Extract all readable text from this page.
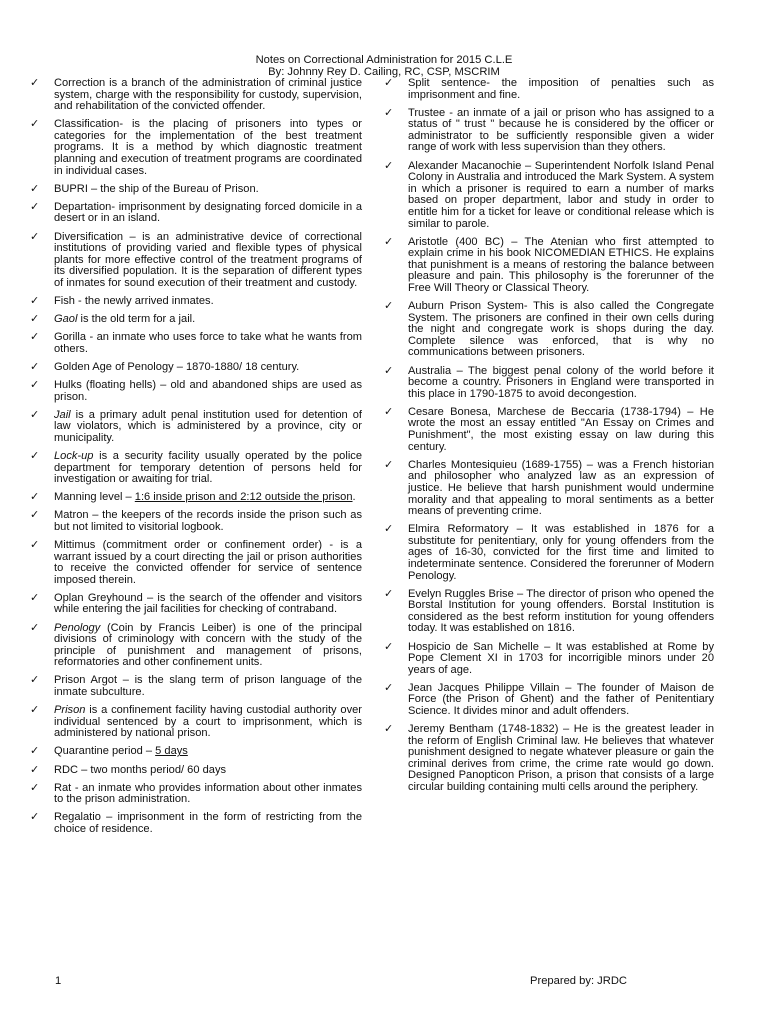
Notes on Correctional Administration for 2015 C.L.E
By: Johnny Rey D. Cailing, RC, CSP, MSCRIM
✓ Correction is a branch of the administration of criminal justice system, charge with the responsibility for custody, supervision, and rehabilitation of the convicted offender.
✓ Classification- is the placing of prisoners into types or categories for the implementation of the best treatment programs. It is a method by which diagnostic treatment planning and execution of treatment programs are coordinated in individual cases.
✓ BUPRI – the ship of the Bureau of Prison.
✓ Departation- imprisonment by designating forced domicile in a desert or in an island.
✓ Diversification – is an administrative device of correctional institutions of providing varied and flexible types of physical plants for more effective control of the treatment programs of its diversified population. It is the separation of different types of inmates for sound execution of their treatment and custody.
✓ Fish - the newly arrived inmates.
✓ Gaol is the old term for a jail.
✓ Gorilla - an inmate who uses force to take what he wants from others.
✓ Golden Age of Penology – 1870-1880/ 18 century.
✓ Hulks (floating hells) – old and abandoned ships are used as prison.
✓ Jail is a primary adult penal institution used for detention of law violators, which is administered by a province, city or municipality.
✓ Lock-up is a security facility usually operated by the police department for temporary detention of persons held for investigation or awaiting for trial.
✓ Manning level – 1:6 inside prison and 2:12 outside the prison.
✓ Matron – the keepers of the records inside the prison such as but not limited to visitorial logbook.
✓ Mittimus (commitment order or confinement order) - is a warrant issued by a court directing the jail or prison authorities to receive the convicted offender for service of sentence imposed therein.
✓ Oplan Greyhound – is the search of the offender and visitors while entering the jail facilities for checking of contraband.
✓ Penology (Coin by Francis Leiber) is one of the principal divisions of criminology with concern with the study of the principle of punishment and management of prisons, reformatories and other confinement units.
✓ Prison Argot – is the slang term of prison language of the inmate subculture.
✓ Prison is a confinement facility having custodial authority over individual sentenced by a court to imprisonment, which is administered by national prison.
✓ Quarantine period – 5 days
✓ RDC – two months period/ 60 days
✓ Rat - an inmate who provides information about other inmates to the prison administration.
✓ Regalatio – imprisonment in the form of restricting from the choice of residence.
✓ Split sentence- the imposition of penalties such as imprisonment and fine.
✓ Trustee - an inmate of a jail or prison who has assigned to a status of " trust " because he is considered by the officer or administrator to be sufficiently responsible given a wider range of work with less supervision than they others.
✓ Alexander Macanochie – Superintendent Norfolk Island Penal Colony in Australia and introduced the Mark System. A system in which a prisoner is required to earn a number of marks based on proper department, labor and study in order to entitle him for a ticket for leave or conditional release which is similar to parole.
✓ Aristotle (400 BC) – The Atenian who first attempted to explain crime in his book NICOMEDIAN ETHICS. He explains that punishment is a means of restoring the balance between pleasure and pain. This philosophy is the forerunner of the Free Will Theory or Classical Theory.
✓ Auburn Prison System- This is also called the Congregate System. The prisoners are confined in their own cells during the night and congregate work is shops during the day. Complete silence was enforced, that is why no communications between prisoners.
✓ Australia – The biggest penal colony of the world before it become a country. Prisoners in England were transported in this place in 1790-1875 to avoid decongestion.
✓ Cesare Bonesa, Marchese de Beccaria (1738-1794) – He wrote the most an essay entitled "An Essay on Crimes and Punishment", the most existing essay on law during this century.
✓ Charles Montesiquieu (1689-1755) – was a French historian and philosopher who analyzed law as an expression of justice. He believe that harsh punishment would undermine morality and that appealing to moral sentiments as a better means of preventing crime.
✓ Elmira Reformatory – It was established in 1876 for a substitute for penitentiary, only for young offenders from the ages of 16-30, convicted for the first time and limited to indeterminate sentence. Considered the forerunner of Modern Penology.
✓ Evelyn Ruggles Brise – The director of prison who opened the Borstal Institution for young offenders. Borstal Institution is considered as the best reform institution for young offenders today. It was established on 1816.
✓ Hospicio de San Michelle – It was established at Rome by Pope Clement XI in 1703 for incorrigible minors under 20 years of age.
✓ Jean Jacques Philippe Villain – The founder of Maison de Force (the Prison of Ghent) and the father of Penitentiary Science. It divides minor and adult offenders.
✓ Jeremy Bentham (1748-1832) – He is the greatest leader in the reform of English Criminal law. He believes that whatever punishment designed to negate whatever pleasure or gain the criminal derives from crime, the crime rate would go down. Designed Panopticon Prison, a prison that consists of a large circular building containing multi cells around the periphery.
1	Prepared by: JRDC
